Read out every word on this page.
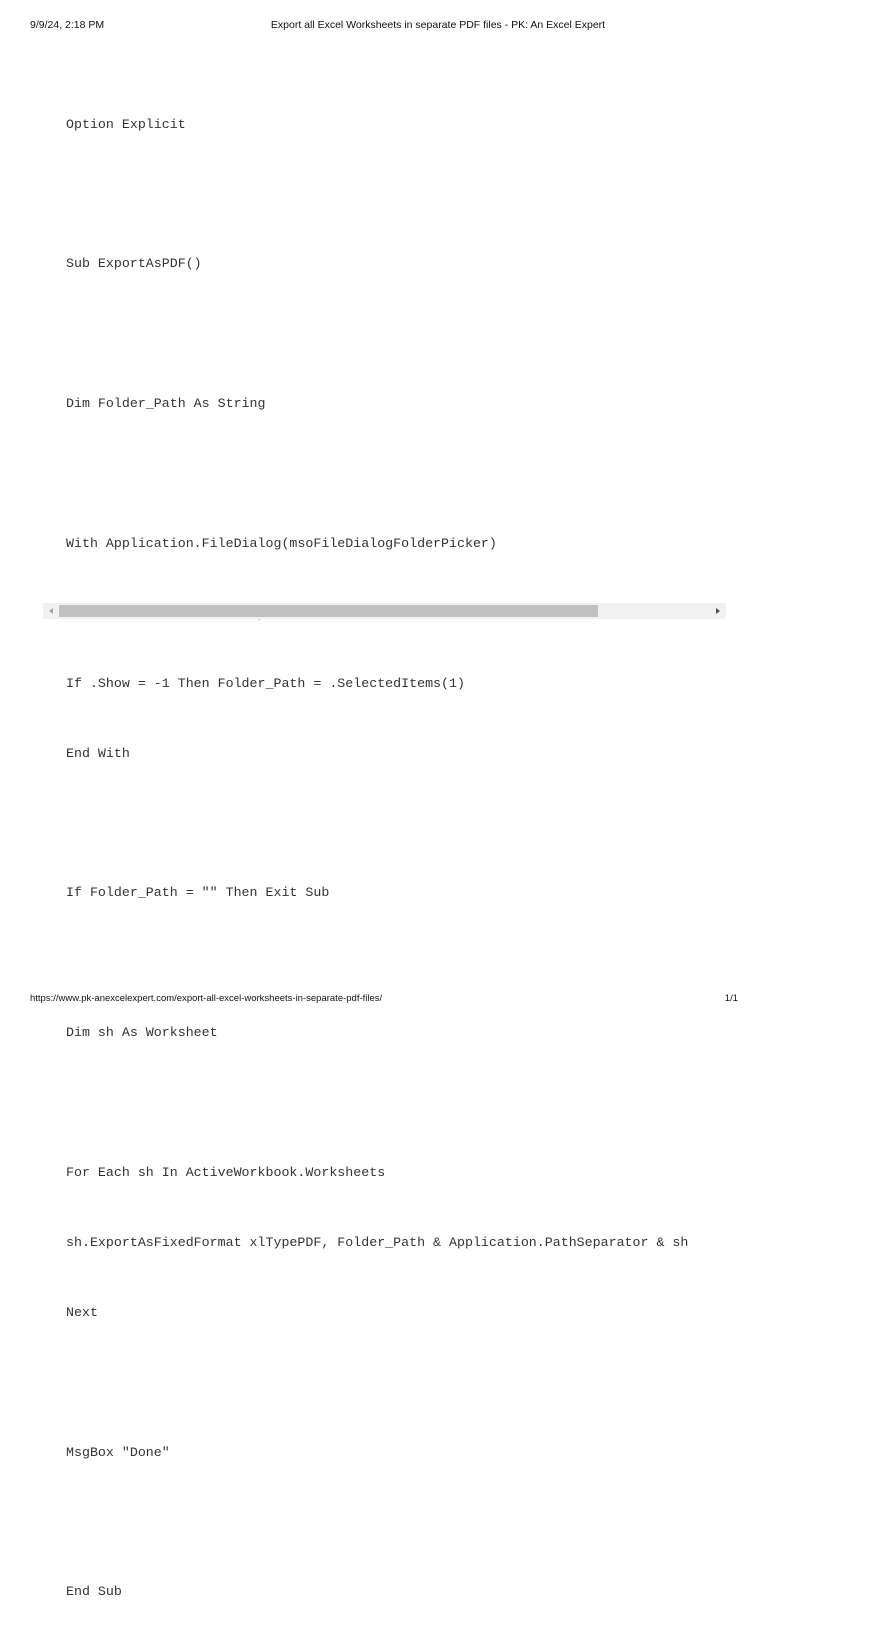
9/9/24, 2:18 PM	Export all Excel Worksheets in separate PDF files - PK: An Excel Expert

Option Explicit

Sub ExportAsPDF()

Dim Folder_Path As String

With Application.FileDialog(msoFileDialogFolderPicker)

If .Show = -1 Then Folder_Path = .SelectedItems(1)

End With

If Folder_Path = "" Then Exit Sub

Dim sh As Worksheet

For Each sh In ActiveWorkbook.Worksheets

sh.ExportAsFixedFormat xlTypePDF, Folder_Path & Application.PathSeparator & sh

Next

MsgBox "Done"

End Sub

https://www.pk-anexcelexpert.com/export-all-excel-worksheets-in-separate-pdf-files/	1/1
